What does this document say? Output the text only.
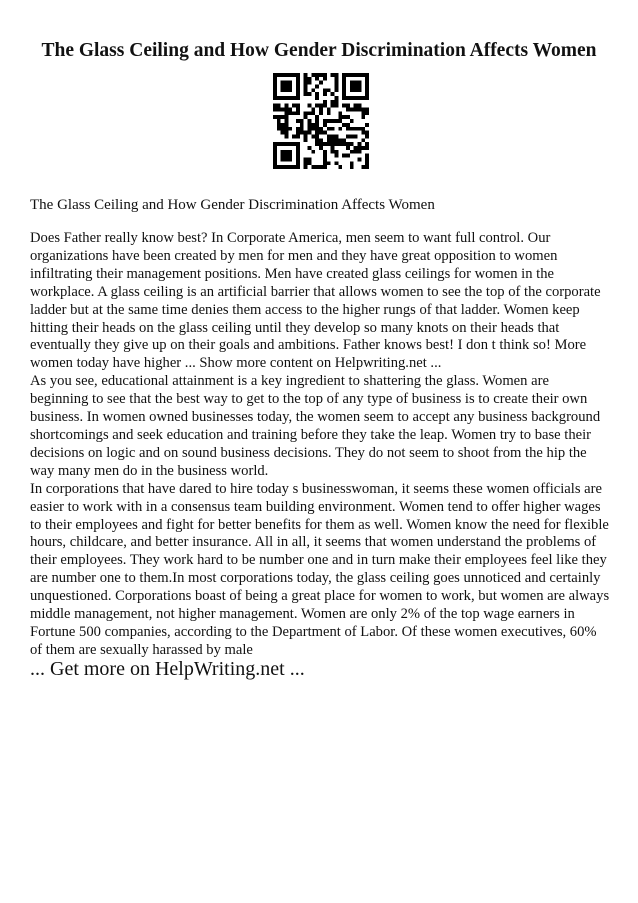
The Glass Ceiling and How Gender Discrimination Affects Women
The Glass Ceiling and How Gender Discrimination Affects Women

Does Father really know best? In Corporate America, men seem to want full control. Our organizations have been created by men for men and they have great opposition to women infiltrating their management positions. Men have created glass ceilings for women in the workplace. A glass ceiling is an artificial barrier that allows women to see the top of the corporate ladder but at the same time denies them access to the higher rungs of that ladder. Women keep hitting their heads on the glass ceiling until they develop so many knots on their heads that eventually they give up on their goals and ambitions. Father knows best! I don t think so! More women today have higher ... Show more content on Helpwriting.net ...

As you see, educational attainment is a key ingredient to shattering the glass. Women are beginning to see that the best way to get to the top of any type of business is to create their own business. In women owned businesses today, the women seem to accept any business background shortcomings and seek education and training before they take the leap. Women try to base their decisions on logic and on sound business decisions. They do not seem to shoot from the hip the way many men do in the business world.

In corporations that have dared to hire today s businesswoman, it seems these women officials are easier to work with in a consensus team building environment. Women tend to offer higher wages to their employees and fight for better benefits for them as well. Women know the need for flexible hours, childcare, and better insurance. All in all, it seems that women understand the problems of their employees. They work hard to be number one and in turn make their employees feel like they are number one to them.In most corporations today, the glass ceiling goes unnoticed and certainly unquestioned. Corporations boast of being a great place for women to work, but women are always middle management, not higher management. Women are only 2% of the top wage earners in Fortune 500 companies, according to the Department of Labor. Of these women executives, 60% of them are sexually harassed by male

... Get more on HelpWriting.net ...
